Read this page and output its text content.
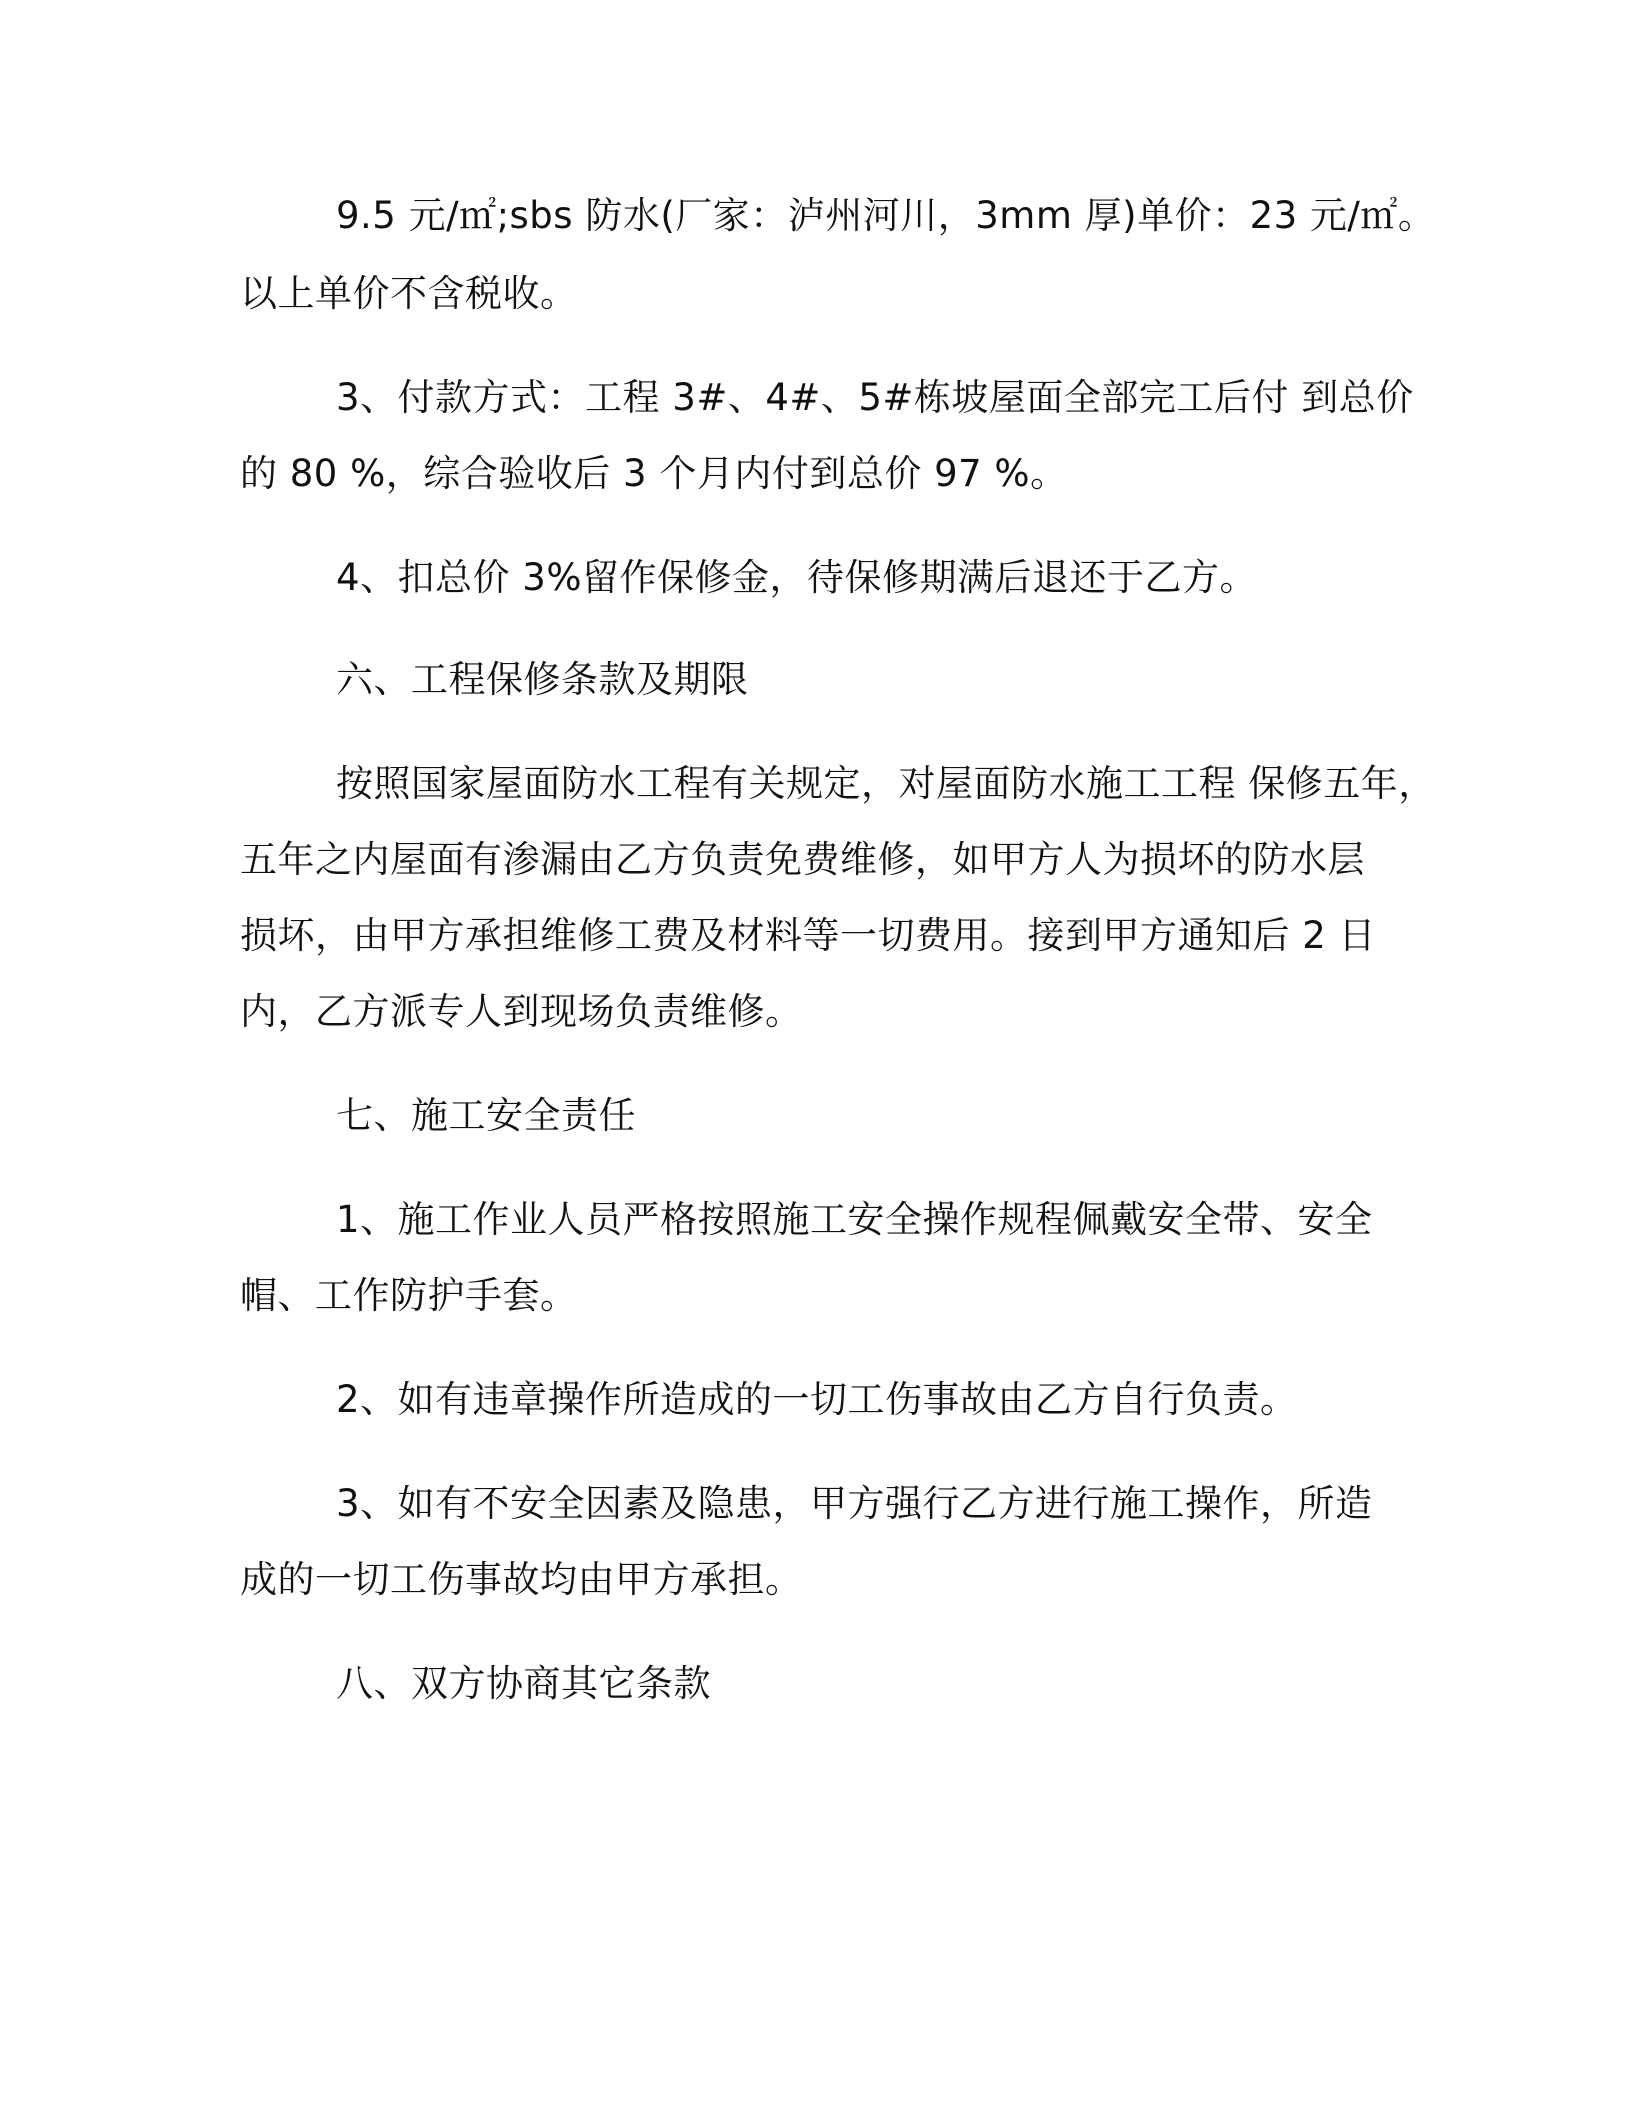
9.5 元/㎡;sbs 防水(厂家：泸州河川，3mm 厚)单价：23 元/㎡。
以上单价不含税收。
3、付款方式：工程 3#、4#、5#栋坡屋面全部完工后付 到总价
的 80 %，综合验收后 3 个月内付到总价 97 %。
4、扣总价 3%留作保修金，待保修期满后退还于乙方。
六、工程保修条款及期限
按照国家屋面防水工程有关规定，对屋面防水施工工程 保修五年，
五年之内屋面有渗漏由乙方负责免费维修，如甲方人为损坏的防水层
损坏，由甲方承担维修工费及材料等一切费用。接到甲方通知后 2 日
内，乙方派专人到现场负责维修。
七、施工安全责任
1、施工作业人员严格按照施工安全操作规程佩戴安全带、安全
帽、工作防护手套。
2、如有违章操作所造成的一切工伤事故由乙方自行负责。
3、如有不安全因素及隐患，甲方强行乙方进行施工操作，所造
成的一切工伤事故均由甲方承担。
八、双方协商其它条款
